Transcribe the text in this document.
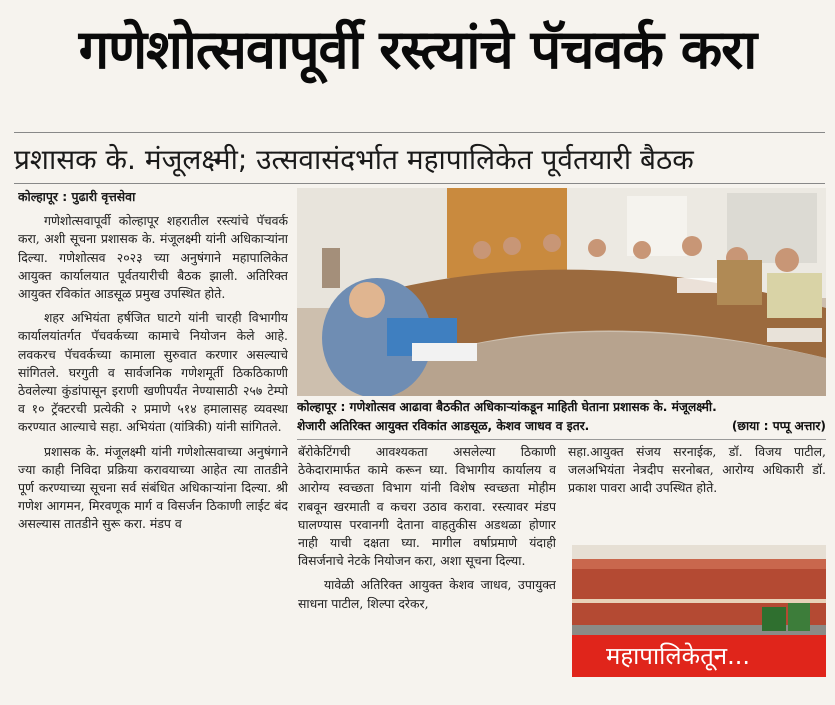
गणेशोत्सवापूर्वी रस्त्यांचे पॅचवर्क करा
प्रशासक के. मंजूलक्ष्मी; उत्सवासंदर्भात महापालिकेत पूर्वतयारी बैठक

कोल्हापूर : पुढारी वृत्तसेवा

गणेशोत्सवापूर्वी कोल्हापूर शहरातील रस्त्यांचे पॅचवर्क करा, अशी सूचना प्रशासक के. मंजूलक्ष्मी यांनी अधिकार्‍यांना दिल्या. गणेशोत्सव २०२३ च्या अनुषंगाने महापालिकेत आयुक्त कार्यालयात पूर्वतयारीची बैठक झाली. अतिरिक्त आयुक्त रविकांत आडसूळ प्रमुख उपस्थित होते.

शहर अभियंता हर्षजित घाटगे यांनी चारही विभागीय कार्यालयांतर्गत पॅचवर्कच्या कामाचे नियोजन केले आहे. लवकरच पॅचवर्कच्या कामाला सुरुवात करणार असल्याचे सांगितले. घरगुती व सार्वजनिक गणेशमूर्ती ठिकठिकाणी ठेवलेल्या कुंडांपासून इराणी खणीपर्यंत नेण्यासाठी २५७ टेम्पो व १० ट्रॅक्टरची प्रत्येकी २ प्रमाणे ५१४ हमालासह व्यवस्था करण्यात आल्याचे सहा. अभियंता (यांत्रिकी) यांनी सांगितले.

प्रशासक के. मंजूलक्ष्मी यांनी गणेशोत्सवाच्या अनुषंगाने ज्या काही निविदा प्रक्रिया करावयाच्या आहेत त्या तातडीने पूर्ण करण्याच्या सूचना सर्व संबंधित अधिकार्‍यांना दिल्या. श्री गणेश आगमन, मिरवणूक मार्ग व विसर्जन ठिकाणी लाईट बंद असल्यास तातडीने सुरू करा. मंडप व

कोल्हापूर : गणेशोत्सव आढावा बैठकीत अधिकार्‍यांकडून माहिती घेताना प्रशासक के. मंजूलक्ष्मी.
शेजारी अतिरिक्त आयुक्त रविकांत आडसूळ, केशव जाधव व इतर.	(छाया : पप्पू अत्तार)

बॅरोकेटिंगची आवश्यकता असलेल्या ठिकाणी ठेकेदारामार्फत कामे करून घ्या. विभागीय कार्यालय व आरोग्य स्वच्छता विभाग यांनी विशेष स्वच्छता मोहीम राबवून खरमाती व कचरा उठाव करावा. रस्त्यावर मंडप घालण्यास परवानगी देताना वाहतुकीस अडथळा होणार नाही याची दक्षता घ्या. मागील वर्षाप्रमाणे यंदाही विसर्जनाचे नेटके नियोजन करा, अशा सूचना दिल्या.

यावेळी अतिरिक्त आयुक्त केशव जाधव, उपायुक्त साधना पाटील, शिल्पा दरेकर,

सहा.आयुक्त संजय सरनाईक, डॉ. विजय पाटील, जलअभियंता नेत्रदीप सरनोबत, आरोग्य अधिकारी डॉ. प्रकाश पावरा आदी उपस्थित होते.

महापालिकेतून...
